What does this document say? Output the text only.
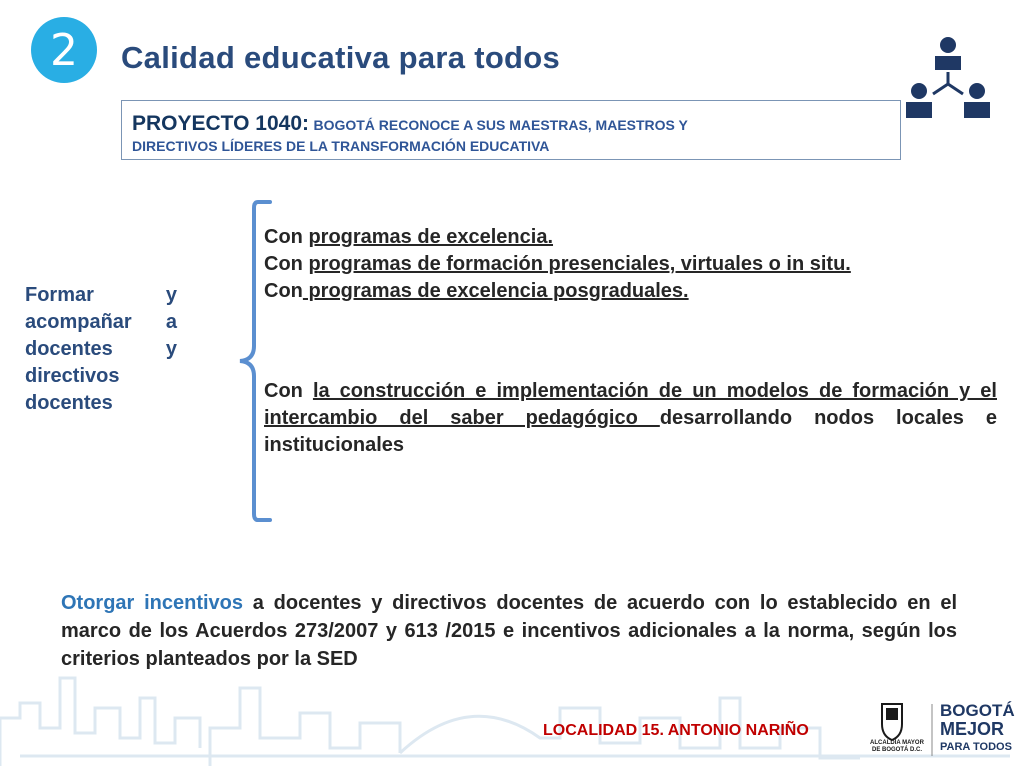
2 Calidad educativa para todos
PROYECTO 1040: BOGOTÁ RECONOCE A SUS MAESTRAS, MAESTROS Y
DIRECTIVOS LÍDERES DE LA TRANSFORMACIÓN EDUCATIVA
Formar	y
acompañar a
docentes	y
directivos
docentes
Con programas de excelencia.
Con programas de formación presenciales, virtuales o in situ.
Con programas de excelencia posgraduales.
Con la construcción e implementación de un modelos de formación y el intercambio del saber pedagógico desarrollando nodos locales e institucionales
Otorgar incentivos a docentes y directivos docentes de acuerdo con lo establecido en el marco de los Acuerdos 273/2007 y 613 /2015 e incentivos adicionales a la norma, según los criterios planteados por la SED
LOCALIDAD 15. ANTONIO NARIÑO
ALCALDÍA MAYOR DE BOGOTÁ D.C.
BOGOTÁ
MEJOR
PARA TODOS
